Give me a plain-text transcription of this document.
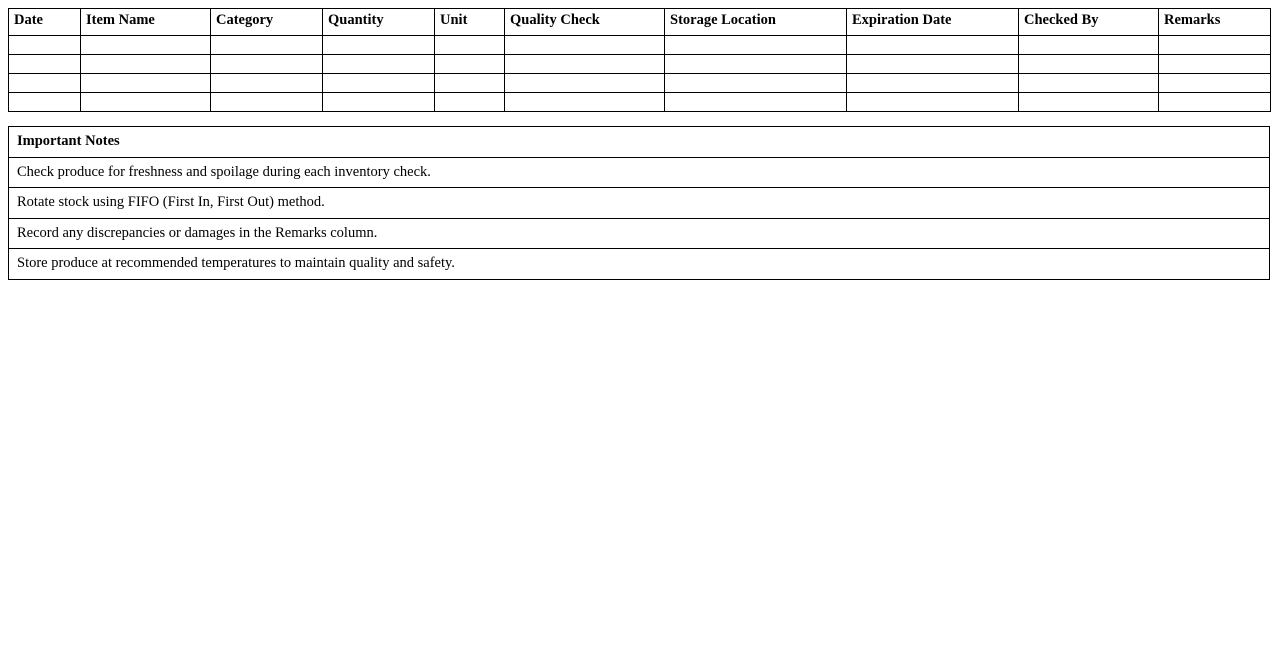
Date	Item Name	Category	Quantity	Unit	Quality Check	Storage Location	Expiration Date	Checked By	Remarks

Important Notes
Check produce for freshness and spoilage during each inventory check.
Rotate stock using FIFO (First In, First Out) method.
Record any discrepancies or damages in the Remarks column.
Store produce at recommended temperatures to maintain quality and safety.
